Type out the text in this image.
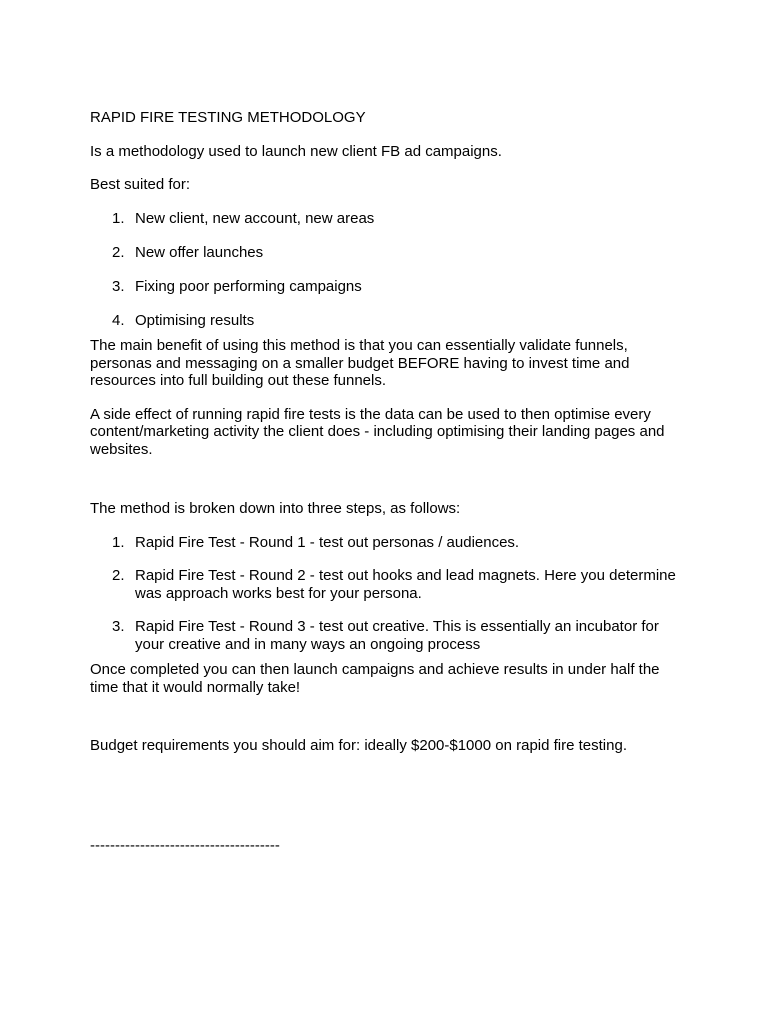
RAPID FIRE TESTING METHODOLOGY

Is a methodology used to launch new client FB ad campaigns.

Best suited for:

1. New client, new account, new areas
2. New offer launches
3. Fixing poor performing campaigns
4. Optimising results

The main benefit of using this method is that you can essentially validate funnels, personas and messaging on a smaller budget BEFORE having to invest time and resources into full building out these funnels.

A side effect of running rapid fire tests is the data can be used to then optimise every content/marketing activity the client does - including optimising their landing pages and websites.

The method is broken down into three steps, as follows:

1. Rapid Fire Test - Round 1 - test out personas / audiences.
2. Rapid Fire Test - Round 2 - test out hooks and lead magnets. Here you determine was approach works best for your persona.
3. Rapid Fire Test - Round 3 - test out creative. This is essentially an incubator for your creative and in many ways an ongoing process

Once completed you can then launch campaigns and achieve results in under half the time that it would normally take!

Budget requirements you should aim for: ideally $200-$1000 on rapid fire testing.

--------------------------------------
